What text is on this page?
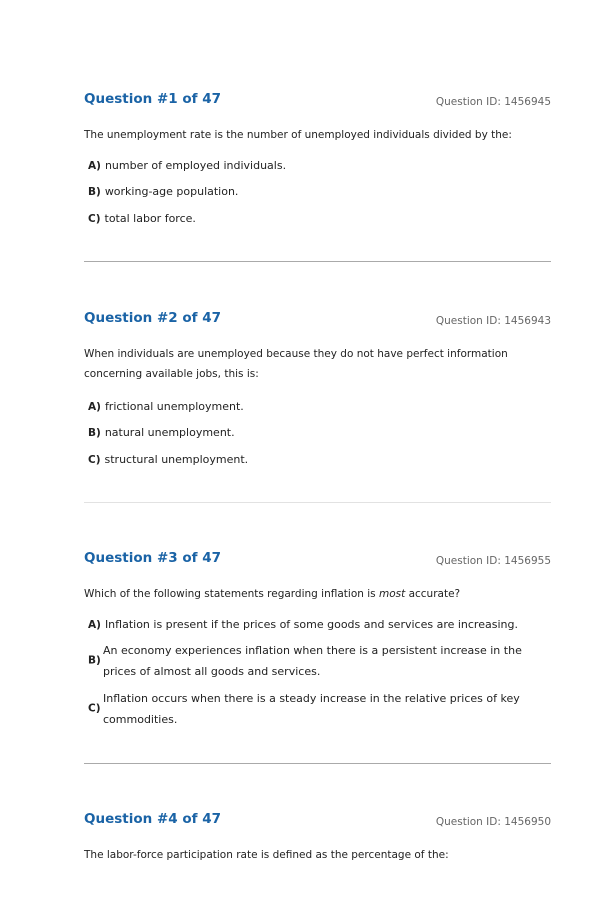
Question #1 of 47	Question ID: 1456945
The unemployment rate is the number of unemployed individuals divided by the:
A) number of employed individuals.
B) working-age population.
C) total labor force.
Question #2 of 47	Question ID: 1456943
When individuals are unemployed because they do not have perfect information concerning available jobs, this is:
A) frictional unemployment.
B) natural unemployment.
C) structural unemployment.
Question #3 of 47	Question ID: 1456955
Which of the following statements regarding inflation is most accurate?
A) Inflation is present if the prices of some goods and services are increasing.
B)
An economy experiences inflation when there is a persistent increase in the prices of almost all goods and services.
C)
Inflation occurs when there is a steady increase in the relative prices of key commodities.
Question #4 of 47	Question ID: 1456950
The labor-force participation rate is defined as the percentage of the:
